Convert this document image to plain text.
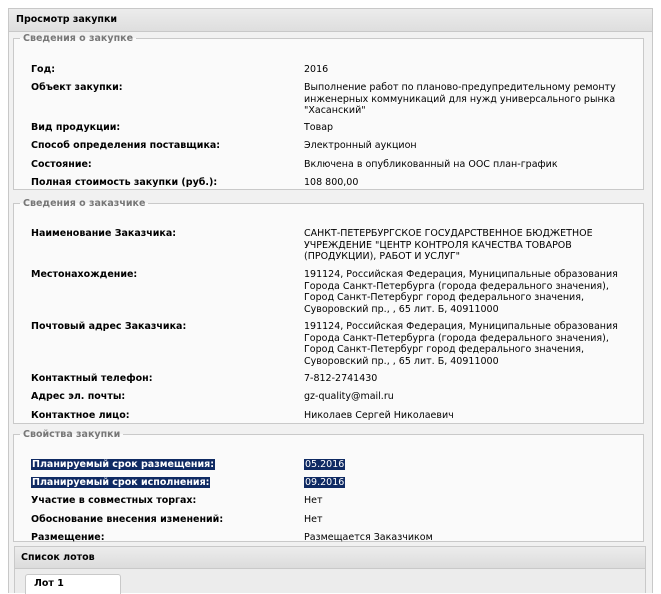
Просмотр закупки
Сведения о закупке
Год:	2016
Объект закупки:	Выполнение работ по планово-предупредительному ремонту инженерных коммуникаций для нужд универсального рынка "Хасанский"
Вид продукции:	Товар
Способ определения поставщика:	Электронный аукцион
Состояние:	Включена в опубликованный на ООС план-график
Полная стоимость закупки (руб.):	108 800,00
Сведения о заказчике
Наименование Заказчика:	САНКТ-ПЕТЕРБУРГСКОЕ ГОСУДАРСТВЕННОЕ БЮДЖЕТНОЕ УЧРЕЖДЕНИЕ "ЦЕНТР КОНТРОЛЯ КАЧЕСТВА ТОВАРОВ (ПРОДУКЦИИ), РАБОТ И УСЛУГ"
Местонахождение:	191124, Российская Федерация, Муниципальные образования Города Санкт-Петербурга (города федерального значения), Город Санкт-Петербург город федерального значения, Суворовский пр., , 65 лит. Б, 40911000
Почтовый адрес Заказчика:	191124, Российская Федерация, Муниципальные образования Города Санкт-Петербурга (города федерального значения), Город Санкт-Петербург город федерального значения, Суворовский пр., , 65 лит. Б, 40911000
Контактный телефон:	7-812-2741430
Адрес эл. почты:	gz-quality@mail.ru
Контактное лицо:	Николаев Сергей Николаевич
Свойства закупки
Планируемый срок размещения:	05.2016
Планируемый срок исполнения:	09.2016
Участие в совместных торгах:	Нет
Обоснование внесения изменений:	Нет
Размещение:	Размещается Заказчиком
Список лотов
Лот 1
